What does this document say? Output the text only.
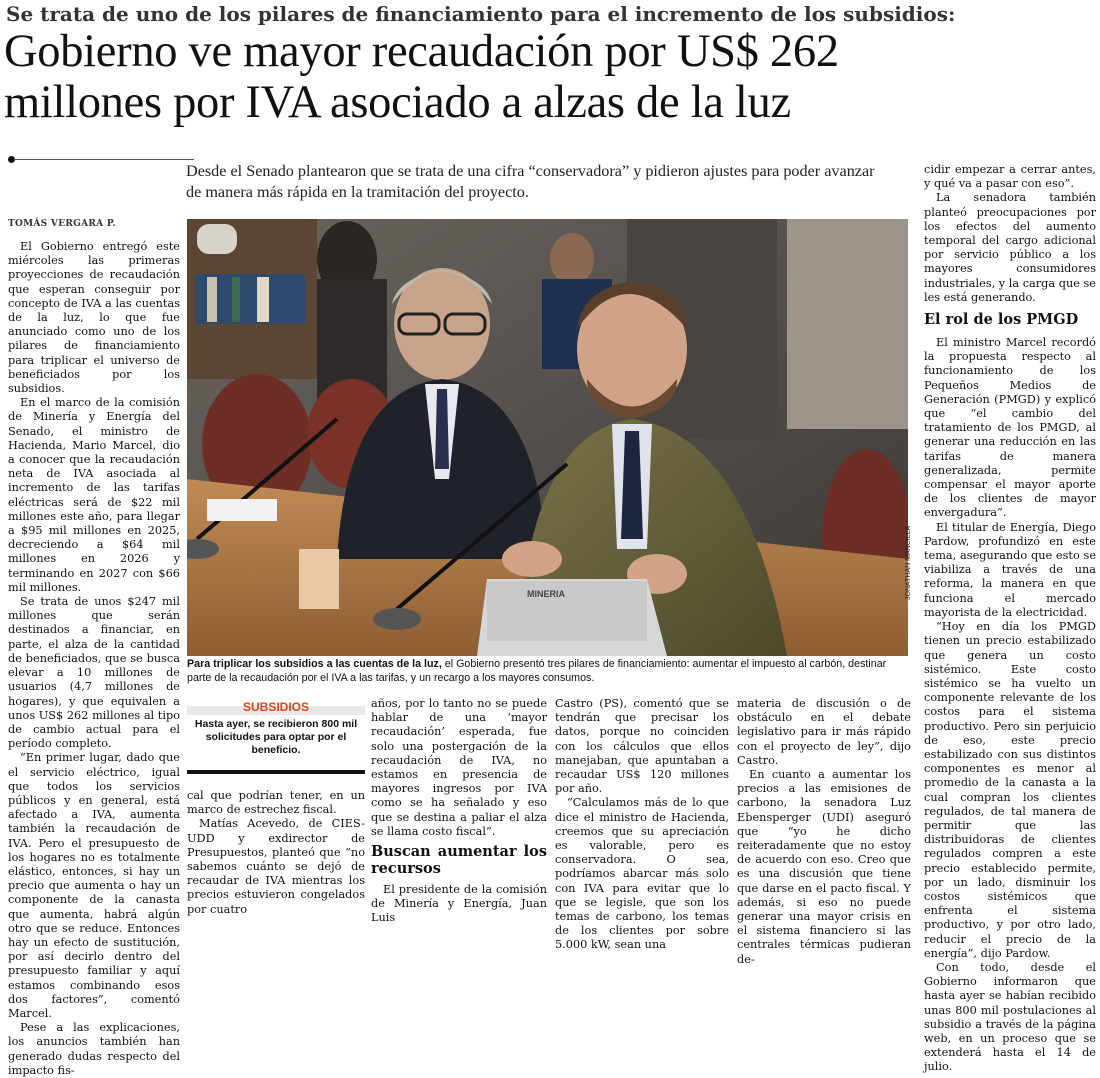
Se trata de uno de los pilares de financiamiento para el incremento de los subsidios:
Gobierno ve mayor recaudación por US$ 262
millones por IVA asociado a alzas de la luz
Desde el Senado plantearon que se trata de una cifra “conservadora” y pidieron ajustes para poder avanzar
de manera más rápida en la tramitación del proyecto.
TOMÁS VERGARA P.

El Gobierno entregó este miércoles las primeras proyecciones de recaudación que esperan conseguir por concepto de IVA a las cuentas de la luz, lo que fue anunciado como uno de los pilares de financiamiento para triplicar el universo de beneficiados por los subsidios.

En el marco de la comisión de Minería y Energía del Senado, el ministro de Hacienda, Mario Marcel, dio a conocer que la recaudación neta de IVA asociada al incremento de las tarifas eléctricas será de $22 mil millones este año, para llegar a $95 mil millones en 2025, decreciendo a $64 mil millones en 2026 y terminando en 2027 con $66 mil millones.

Se trata de unos $247 mil millones que serán destinados a financiar, en parte, el alza de la cantidad de beneficiados, que se busca elevar a 10 millones de usuarios (4,7 millones de hogares), y que equivalen a unos US$ 262 millones al tipo de cambio actual para el período completo.

“En primer lugar, dado que el servicio eléctrico, igual que todos los servicios públicos y en general, está afectado a IVA, aumenta también la recaudación de IVA. Pero el presupuesto de los hogares no es totalmente elástico, entonces, si hay un precio que aumenta o hay un componente de la canasta que aumenta, habrá algún otro que se reduce. Entonces hay un efecto de sustitución, por así decirlo dentro del presupuesto familiar y aquí estamos combinando esos dos factores”, comentó Marcel.

Pese a las explicaciones, los anuncios también han generado dudas respecto del impacto fis-

MINERIA	JONATHAN MANCILLA
Para triplicar los subsidios a las cuentas de la luz, el Gobierno presentó tres pilares de financiamiento: aumentar el impuesto al carbón, destinar parte de la recaudación por el IVA a las tarifas, y un recargo a los mayores consumos.
SUBSIDIOS
Hasta ayer, se recibieron 800 mil solicitudes para optar por el beneficio.

cal que podrían tener, en un marco de estrechez fiscal.

Matías Acevedo, de CIES-UDD y exdirector de Presupuestos, planteó que “no sabemos cuánto se dejó de recaudar de IVA mientras los precios estuvieron congelados por cuatro

años, por lo tanto no se puede hablar de una ‘mayor recaudación’ esperada, fue solo una postergación de la recaudación de IVA, no estamos en presencia de mayores ingresos por IVA como se ha señalado y eso que se destina a paliar el alza se llama costo fiscal”.

Buscan aumentar los recursos

El presidente de la comisión de Minería y Energía, Juan Luis

Castro (PS), comentó que se tendrán que precisar los datos, porque no coinciden con los cálculos que ellos manejaban, que apuntaban a recaudar US$ 120 millones por año.

“Calculamos más de lo que dice el ministro de Hacienda, creemos que su apreciación es valorable, pero es conservadora. O sea, podríamos abarcar más solo con IVA para evitar que lo que se legisle, que son los temas de carbono, los temas de los clientes por sobre 5.000 kW, sean una

materia de discusión o de obstáculo en el debate legislativo para ir más rápido con el proyecto de ley”, dijo Castro.

En cuanto a aumentar los precios a las emisiones de carbono, la senadora Luz Ebensperger (UDI) aseguró que “yo he dicho reiteradamente que no estoy de acuerdo con eso. Creo que es una discusión que tiene que darse en el pacto fiscal. Y además, si eso no puede generar una mayor crisis en el sistema financiero si las centrales térmicas pudieran de-

cidir empezar a cerrar antes, y qué va a pasar con eso”.

La senadora también planteó preocupaciones por los efectos del aumento temporal del cargo adicional por servicio público a los mayores consumidores industriales, y la carga que se les está generando.

El rol de los PMGD

El ministro Marcel recordó la propuesta respecto al funcionamiento de los Pequeños Medios de Generación (PMGD) y explicó que “el cambio del tratamiento de los PMGD, al generar una reducción en las tarifas de manera generalizada, permite compensar el mayor aporte de los clientes de mayor envergadura”.

El titular de Energía, Diego Pardow, profundizó en este tema, asegurando que esto se viabiliza a través de una reforma, la manera en que funciona el mercado mayorista de la electricidad.

“Hoy en día los PMGD tienen un precio estabilizado que genera un costo sistémico. Este costo sistémico se ha vuelto un componente relevante de los costos para el sistema productivo. Pero sin perjuicio de eso, este precio estabilizado con sus distintos componentes es menor al promedio de la canasta a la cual compran los clientes regulados, de tal manera de permitir que las distribuidoras de clientes regulados compren a este precio establecido permite, por un lado, disminuir los costos sistémicos que enfrenta el sistema productivo, y por otro lado, reducir el precio de la energía”, dijo Pardow.

Con todo, desde el Gobierno informaron que hasta ayer se habían recibido unas 800 mil postulaciones al subsidio a través de la página web, en un proceso que se extenderá hasta el 14 de julio.
